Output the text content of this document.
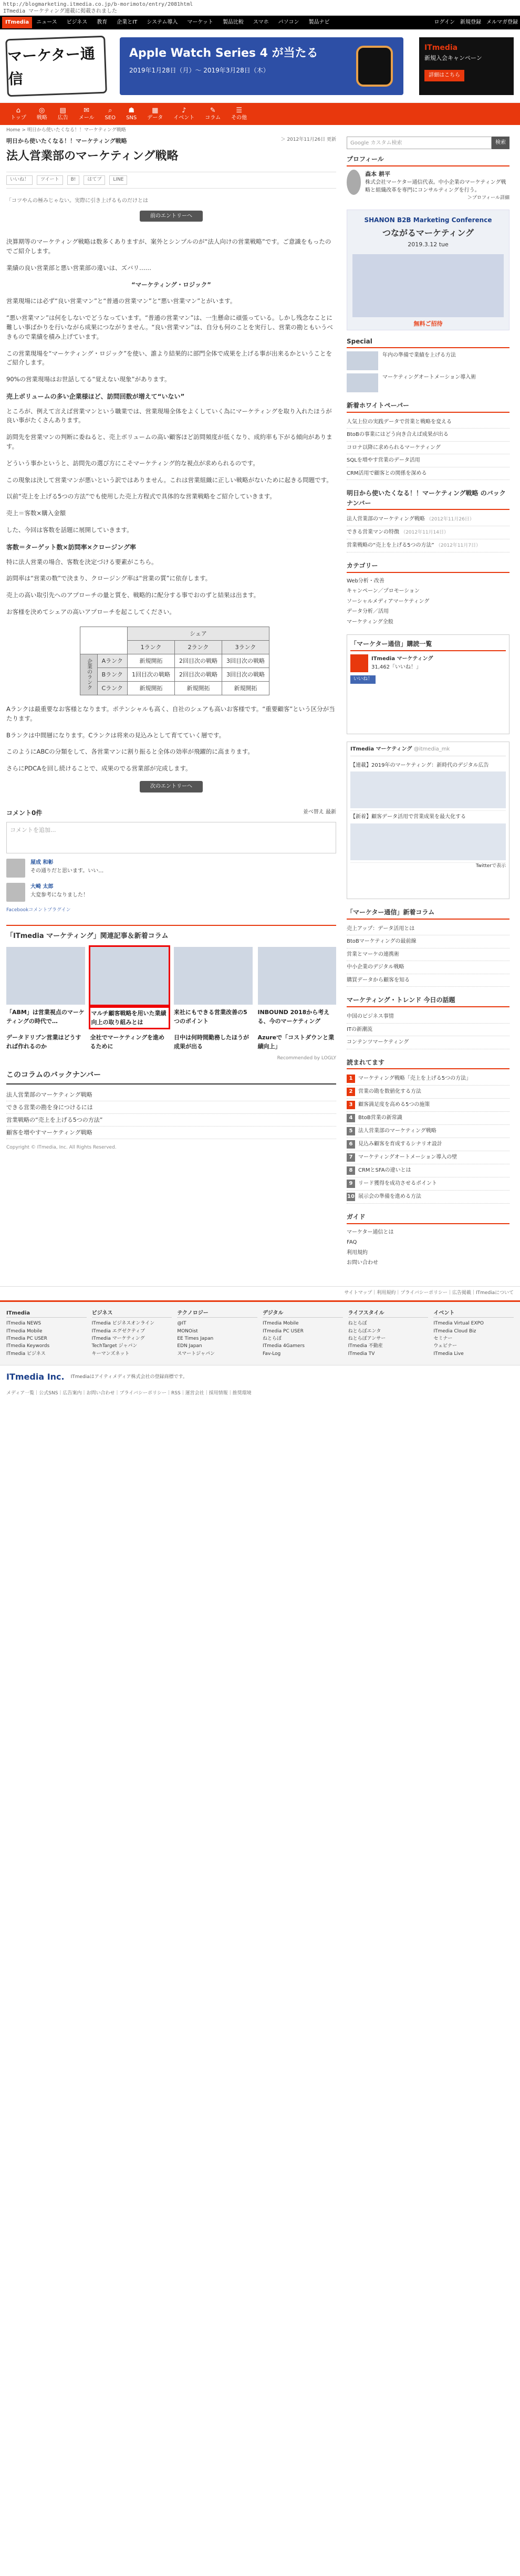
http://blogmarketing.itmedia.co.jp/b-morimoto/entry/2081html
ITmedia マーケティング連載に掲載されました
ITmedia	ニュース ビジネス 教育 企業とIT システム導入 マーケット 製品比較 スマホ パソコン 製品ナビ	ログイン 新規登録 メルマガ登録
マーケター通信
Apple Watch Series 4 が当たる
2019年1月28日（月）～ 2019年3月28日（木）
ITmedia
新規入会キャンペーン
詳細はこちら
⌂
トップ
◎
戦略
▤
広告
✉
メール
⌕
SEO
☗
SNS
▦
データ
♪
イベント
✎
コラム
☰
その他
Home > 明日から使いたくなる！！マーケティング戦略
明日から使いたくなる！！マーケティング戦略	＞ 2012年11月26日 更新
法人営業部のマーケティング戦略
いいね！	ツイート	B!	はてブ	LINE
「コツやんの極みじゃない。実際に引き上げるものだけとは
前のエントリーへ

決算期等のマーケティング戦略は数多くありますが、案外とシンプルのが“法人向けの営業戦略”です。ご意識をもったのでご紹介します。

業績の良い営業部と悪い営業部の違いは、ズバリ……

“マーケティング・ロジック”

営業現場には必ず“良い営業マン”と“普通の営業マン”と“悪い営業マン”とがいます。

“悪い営業マン”は何をしないでどうなっています。“普通の営業マン”は、一生懸命に頑張っている。しかし残念なことに難しい事ばかりを行いながら成果につながりません。“良い営業マン”は、自分も何のことを実行し、営業の勘ともいうべきもので業績を積み上げています。

この営業現場を“マーケティング・ロジック”を使い、誰より結果的に部門全体で成果を上げる事が出来るかということをご紹介します。

90%の営業現場はお世話してる“覚えない現象”があります。

売上ボリュームの多い企業様ほど、訪問回数が増えて“いない”

ところが、例えて言えば営業マンという職業では、営業現場全体をよくしていく為にマーケティングを取り入れたほうが良い事がたくさんあります。

訪問先を営業マンの判断に委ねると、売上ボリュームの高い顧客ほど訪問頻度が低くなり、成約率も下がる傾向があります。

どういう事かというと、訪問先の選び方にこそマーケティング的な視点が求められるのです。

この現象は決して営業マンが悪いという訳ではありません。これは営業組織に正しい戦略がないために起きる問題です。

以前“売上を上げる5つの方法”でも使用した売上方程式で具体的な営業戦略をご紹介していきます。

売上＝客数×購入金額

した、今回は客数を話題に展開していきます。

客数＝ターゲット数×訪問率×クロージング率

特に法人営業の場合、客数を決定づける要素がこちら。

訪問率は“営業の数”で決まり、クロージング率は“営業の質”に依存します。

売上の高い取引先へのアプローチの量と質を、戦略的に配分する事でおのずと結果は出ます。

お客様を決めてシェアの高いアプローチを起こしてください。

		シェア		
		1ランク	2ランク	3ランク
企業のランク	Aランク	新規開拓	2回目次の戦略	3回目次の戦略
	Bランク	1回目次の戦略	2回目次の戦略	3回目次の戦略
	Cランク	新規開拓	新規開拓	新規開拓

Aランクは最重要なお客様となります。ポテンシャルも高く、自社のシェアも高いお客様です。“重要顧客”という区分が当たります。

Bランクは中間層になります。Cランクは将来の見込みとして育てていく層です。

このようにABCの分類をして、各営業マンに割り振ると全体の効率が飛躍的に高まります。

さらにPDCAを回し続けることで、成果のでる営業部が完成します。

次のエントリーへ
コメント0件	並べ替え 最新
コメントを追加...
屋成 和彰
その通りだと思います。いい…
大崎 太郎
大変参考になりました！
Facebookコメントプラグイン
「ITmedia マーケティング」関連記事＆新着コラム
「ABM」は営業視点のマーケティングの時代で…
マルチ顧客戦略を用いた業績向上の取り組みとは
来社にもできる営業改善の5つのポイント
INBOUND 2018から考える、今のマーケティング
データドリブン営業はどうすれば作れるのか
全社でマーケティングを進めるために
日中は何時間勤務したほうが成果が出る
Azureで「コストダウンと業績向上」
Recommended by LOGLY
このコラムのバックナンバー
法人営業部のマーケティング戦略
できる営業の勘を身につけるには
営業戦略の“売上を上げる5つの方法”
顧客を増やすマーケティング戦略
Copyright © ITmedia, Inc. All Rights Reserved.
Google カスタム検索	検索
プロフィール
森本 耕平
株式会社マーケター通信代表。中小企業のマーケティング戦略と組織改革を専門にコンサルティングを行う。
＞プロフィール詳細
SHANON B2B Marketing Conference
つながるマーケティング
2019.3.12 tue
無料ご招待
Special
年内の準備で業績を上げる方法
マーケティングオートメーション導入術
新着ホワイトペーパー
人気上位の実践データで営業と戦略を変える
BtoBの事業にはどう向き合えば成果が出る
コロナ以降に求められるマーケティング
SQLを増やす営業のデータ活用
CRM活用で顧客との関係を深める
明日から使いたくなる！！マーケティング戦略 のバックナンバー
法人営業部のマーケティング戦略 （2012年11月26日）
できる営業マンの特徴 （2012年11月14日）
営業戦略の“売上を上げる5つの方法” （2012年11月7日）
カテゴリー
Web分析・改善
キャンペーン／プロモーション
ソーシャルメディアマーケティング
データ分析／活用
マーケティング全般
「マーケター通信」購読一覧
ITmedia マーケティング
31,462「いいね！」
いいね！
ITmedia マーケティング @itmedia_mk
【連載】2019年のマーケティング：新時代のデジタル広告
【新着】顧客データ活用で営業成果を最大化する
Twitterで表示
「マーケター通信」新着コラム
売上アップ：データ活用とは
BtoBマーケティングの最前線
営業とマーケの連携術
中小企業のデジタル戦略
購買データから顧客を知る
マーケティング・トレンド 今日の話題
中国のビジネス事情
ITの新潮流
コンテンツマーケティング
読まれてます
1	マーケティング戦略「売上を上げる5つの方法」
2	営業の勘を数値化する方法
3	顧客満足度を高める5つの施策
4	BtoB営業の新常識
5	法人営業部のマーケティング戦略
6	見込み顧客を育成するシナリオ設計
7	マーケティングオートメーション導入の壁
8	CRMとSFAの違いとは
9	リード獲得を成功させるポイント
10 展示会の準備を進める方法
ガイド
マーケター通信とは
FAQ
利用規約
お問い合わせ
サイトマップ｜利用規約｜プライバシーポリシー｜広告掲載｜ITmediaについて
ITmedia
ITmedia NEWS
ITmedia Mobile
ITmedia PC USER
ITmedia Keywords
ITmedia ビジネス
ビジネス
ITmedia ビジネスオンライン
ITmedia エグゼクティブ
ITmedia マーケティング
TechTarget ジャパン
キーマンズネット
テクノロジー
@IT
MONOist
EE Times Japan
EDN Japan
スマートジャパン
デジタル
ITmedia Mobile
ITmedia PC USER
ねとらぼ
ITmedia 4Gamers
Fav-Log
ライフスタイル
ねとらぼ
ねとらぼエンタ
ねとらぼアンサー
ITmedia 不動産
ITmedia TV
イベント
ITmedia Virtual EXPO
ITmedia Cloud Biz
セミナー
ウェビナー
ITmedia Live
ITmedia Inc. ITmediaはアイティメディア株式会社の登録商標です。
メディア一覧｜公式SNS｜広告案内｜お問い合わせ｜プライバシーポリシー｜RSS｜運営会社｜採用情報｜推奨環境
